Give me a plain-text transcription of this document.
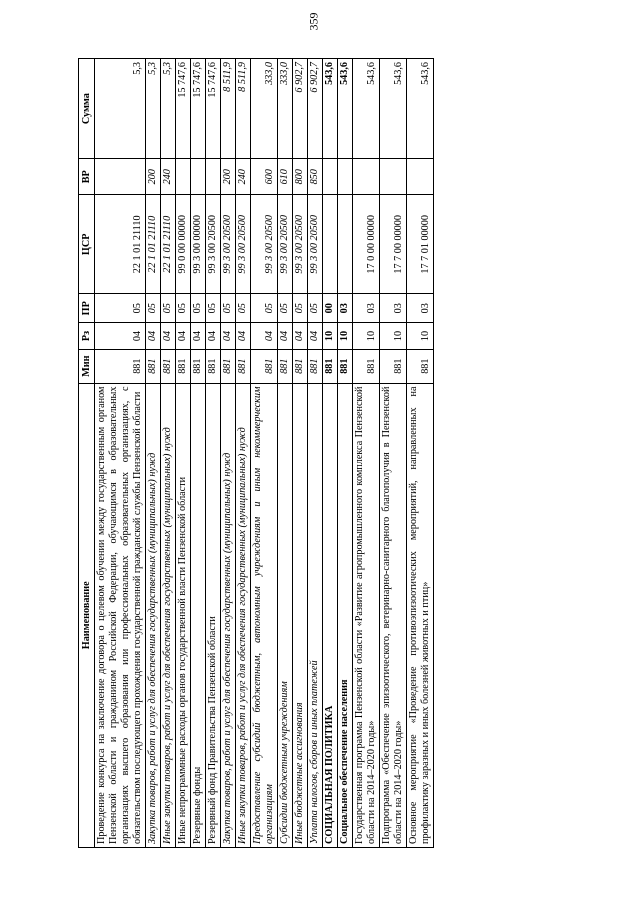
359
Наименование	Мин	Рз	ПР	ЦСР	ВР	Сумма
Проведение конкурса на заключение договора о целевом обучении между государственным органом Пензенской области и гражданином Российской Федерации, обучающимся в образовательных организациях высшего образования или профессиональных образовательных организациях, с обязательством последующего прохождения государственной гражданской службы Пензенской области	881	04	05	22 1 01 21110		5,3
Закупка товаров, работ и услуг для обеспечения государственных (муниципальных) нужд	881	04	05	22 1 01 21110	200	5,3
Иные закупки товаров, работ и услуг для обеспечения государственных (муниципальных) нужд	881	04	05	22 1 01 21110	240	5,3
Иные непрограммные расходы органов государственной власти Пензенской области	881	04	05	99 0 00 00000		15 747,6
Резервные фонды	881	04	05	99 3 00 00000		15 747,6
Резервный фонд Правительства Пензенской области	881	04	05	99 3 00 20500		15 747,6
Закупка товаров, работ и услуг для обеспечения государственных (муниципальных) нужд	881	04	05	99 3 00 20500	200	8 511,9
Иные закупки товаров, работ и услуг для обеспечения государственных (муниципальных) нужд	881	04	05	99 3 00 20500	240	8 511,9
Предоставление субсидий бюджетным, автономным учреждениям и иным некоммерческим организациям	881	04	05	99 3 00 20500	600	333,0
Субсидии бюджетным учреждениям	881	04	05	99 3 00 20500	610	333,0
Иные бюджетные ассигнования	881	04	05	99 3 00 20500	800	6 902,7
Уплата налогов, сборов и иных платежей	881	04	05	99 3 00 20500	850	6 902,7
СОЦИАЛЬНАЯ ПОЛИТИКА	881	10	00			543,6
Социальное обеспечение населения	881	10	03			543,6
Государственная программа Пензенской области «Развитие агропромышленного комплекса Пензенской области на 2014–2020 годы»	881	10	03	17 0 00 00000		543,6
Подпрограмма «Обеспечение эпизоотического, ветеринарно-санитарного благополучия в Пензенской области на 2014–2020 годы»	881	10	03	17 7 00 00000		543,6
Основное мероприятие «Проведение противоэпизоотических мероприятий, направленных на профилактику заразных и иных болезней животных и птиц»	881	10	03	17 7 01 00000		543,6
